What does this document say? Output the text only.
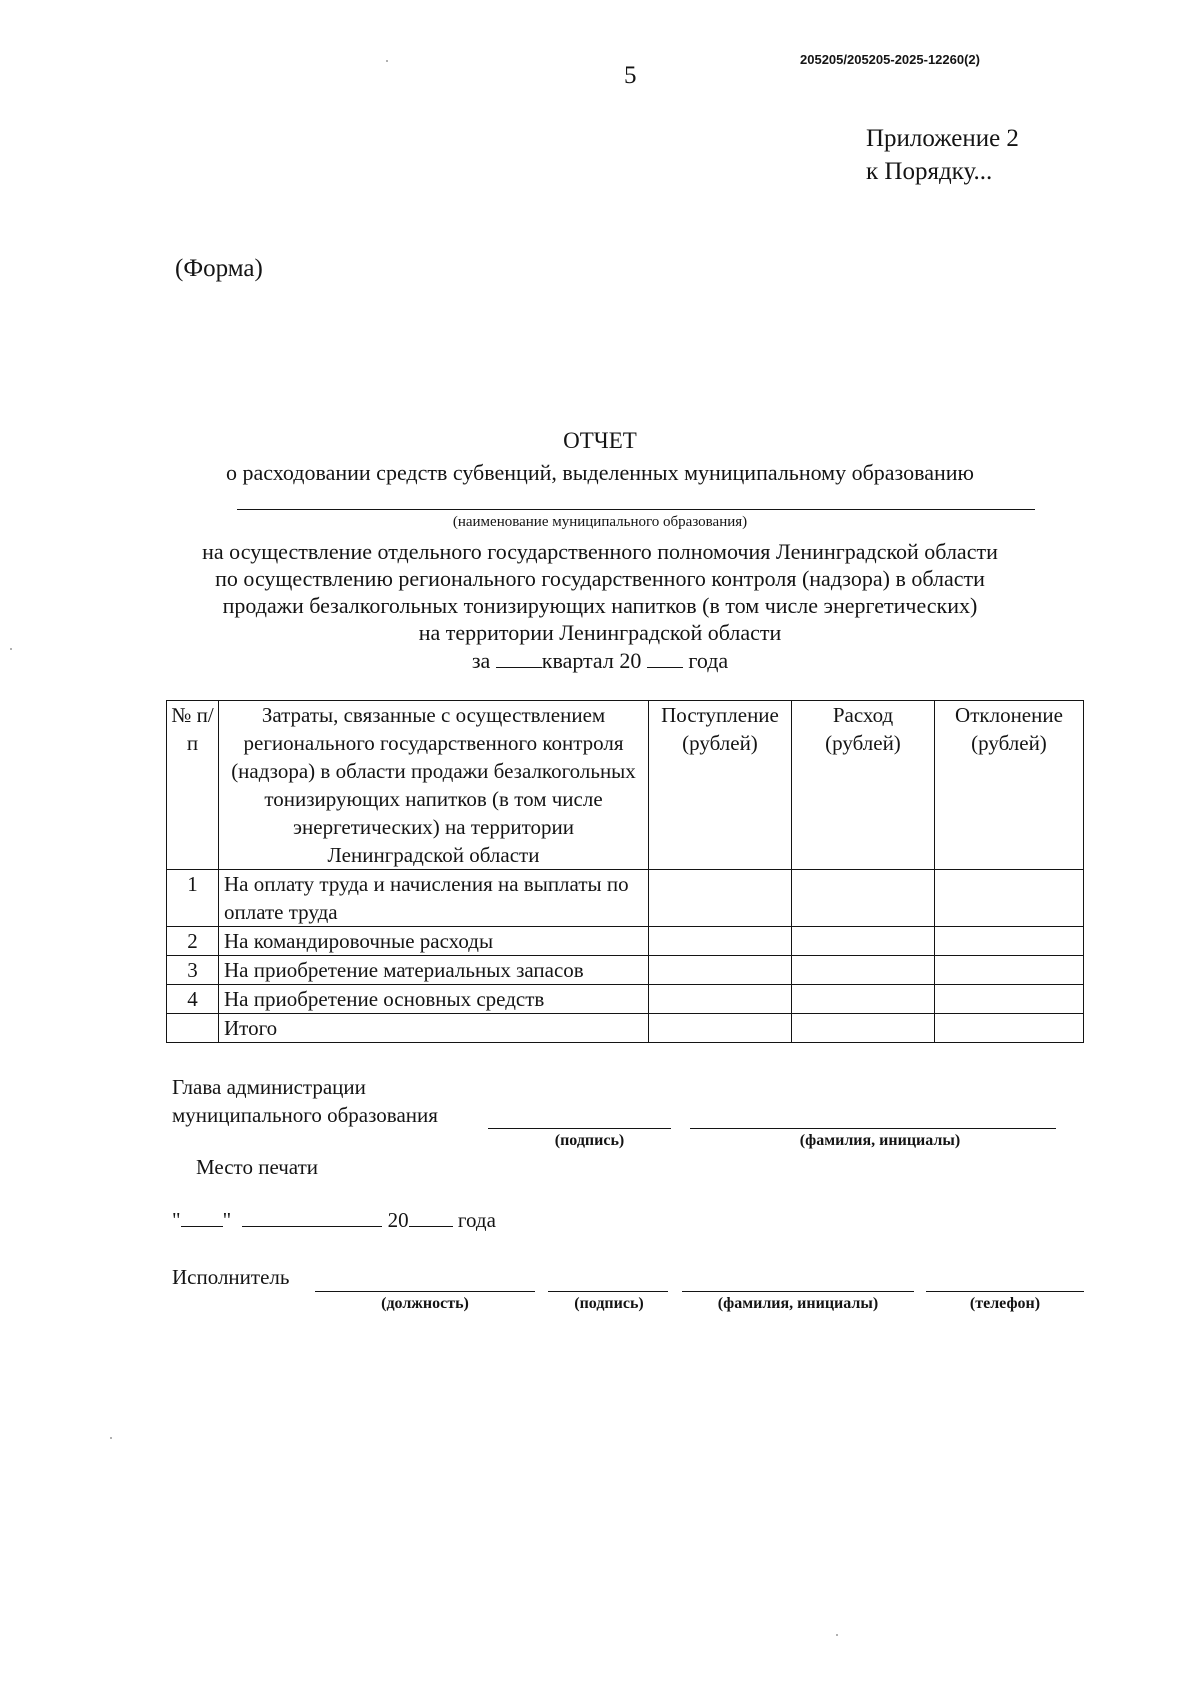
205205/205205-2025-12260(2)
5
Приложение 2
к Порядку...
(Форма)
ОТЧЕТ
о расходовании средств субвенций, выделенных муниципальному образованию
(наименование муниципального образования)
на осуществление отдельного государственного полномочия Ленинградской области
по осуществлению регионального государственного контроля (надзора) в области
продажи безалкогольных тонизирующих напитков (в том числе энергетических)
на территории Ленинградской области
за квартал 20 года
№ п/п	Затраты, связанные с осуществлением регионального государственного контроля (надзора) в области продажи безалкогольных тонизирующих напитков (в том числе энергетических) на территории Ленинградской области	Поступление (рублей)	Расход (рублей)	Отклонение (рублей)
1	На оплату труда и начисления на выплаты по оплате труда			
2	На командировочные расходы			
3	На приобретение материальных запасов			
4	На приобретение основных средств			
	Итого			
Глава администрации
муниципального образования
(подпись)	(фамилия, инициалы)
Место печати
" "	20 года
Исполнитель
(должность)	(подпись)	(фамилия, инициалы)	(телефон)
